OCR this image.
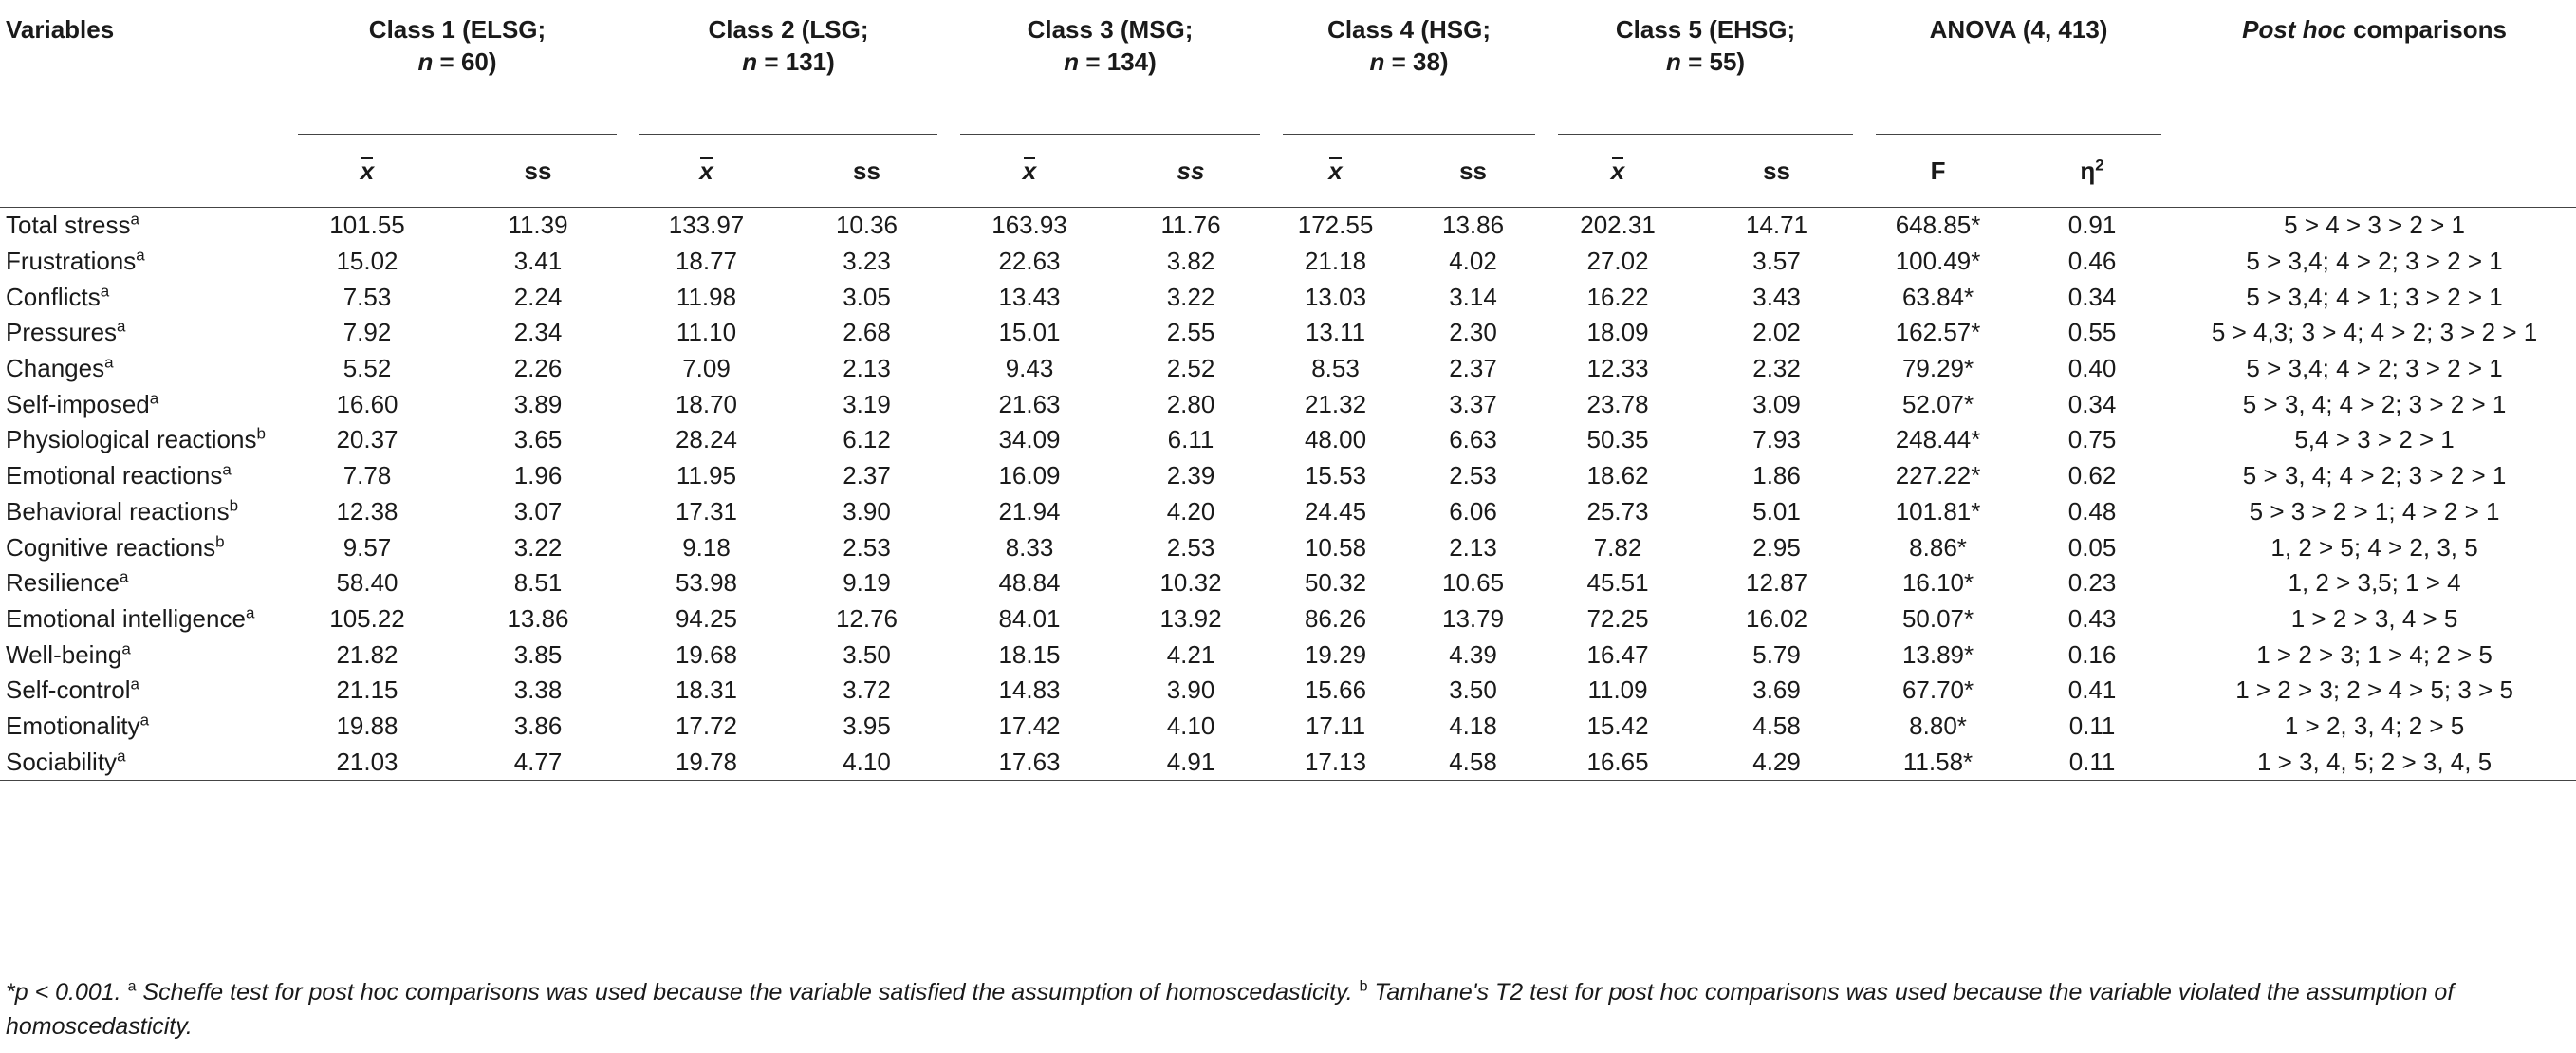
Variables	Class 1 (ELSG;
n = 60)		Class 2 (LSG;
n = 131)		Class 3 (MSG;
n = 134)		Class 4 (HSG;
n = 38)		Class 5 (EHSG;
n = 55)		ANOVA (4, 413)		Post hoc comparisons
	x	ss	x	ss	x	ss	x	ss	x	ss	F	$\eta^2$	
Total stress$^a$	101.55	11.39	133.97	10.36	163.93	11.76	172.55	13.86	202.31	14.71	648.85*	0.91	5 > 4 > 3 > 2 > 1
Frustrations$^a$	15.02	3.41	18.77	3.23	22.63	3.82	21.18	4.02	27.02	3.57	100.49*	0.46	5 > 3,4; 4 > 2; 3 > 2 > 1
Conflicts$^a$	7.53	2.24	11.98	3.05	13.43	3.22	13.03	3.14	16.22	3.43	63.84*	0.34	5 > 3,4; 4 > 1; 3 > 2 > 1
Pressures$^a$	7.92	2.34	11.10	2.68	15.01	2.55	13.11	2.30	18.09	2.02	162.57*	0.55	5 > 4,3; 3 > 4; 4 > 2; 3 > 2 > 1
Changes$^a$	5.52	2.26	7.09	2.13	9.43	2.52	8.53	2.37	12.33	2.32	79.29*	0.40	5 > 3,4; 4 > 2; 3 > 2 > 1
Self-imposed$^a$	16.60	3.89	18.70	3.19	21.63	2.80	21.32	3.37	23.78	3.09	52.07*	0.34	5 > 3, 4; 4 > 2; 3 > 2 > 1
Physiological reactions$^b$	20.37	3.65	28.24	6.12	34.09	6.11	48.00	6.63	50.35	7.93	248.44*	0.75	5,4 > 3 > 2 > 1
Emotional reactions$^a$	7.78	1.96	11.95	2.37	16.09	2.39	15.53	2.53	18.62	1.86	227.22*	0.62	5 > 3, 4; 4 > 2; 3 > 2 > 1
Behavioral reactions$^b$	12.38	3.07	17.31	3.90	21.94	4.20	24.45	6.06	25.73	5.01	101.81*	0.48	5 > 3 > 2 > 1; 4 > 2 > 1
Cognitive reactions$^b$	9.57	3.22	9.18	2.53	8.33	2.53	10.58	2.13	7.82	2.95	8.86*	0.05	1, 2 > 5; 4 > 2, 3, 5
Resilience$^a$	58.40	8.51	53.98	9.19	48.84	10.32	50.32	10.65	45.51	12.87	16.10*	0.23	1, 2 > 3,5; 1 > 4
Emotional intelligence$^a$	105.22	13.86	94.25	12.76	84.01	13.92	86.26	13.79	72.25	16.02	50.07*	0.43	1 > 2 > 3, 4 > 5
Well-being$^a$	21.82	3.85	19.68	3.50	18.15	4.21	19.29	4.39	16.47	5.79	13.89*	0.16	1 > 2 > 3; 1 > 4; 2 > 5
Self-control$^a$	21.15	3.38	18.31	3.72	14.83	3.90	15.66	3.50	11.09	3.69	67.70*	0.41	1 > 2 > 3; 2 > 4 > 5; 3 > 5
Emotionality$^a$	19.88	3.86	17.72	3.95	17.42	4.10	17.11	4.18	15.42	4.58	8.80*	0.11	1 > 2, 3, 4; 2 > 5
Sociability$^a$	21.03	4.77	19.78	4.10	17.63	4.91	17.13	4.58	16.65	4.29	11.58*	0.11	1 > 3, 4, 5; 2 > 3, 4, 5
*p < 0.001. $^a$ Scheffe test for post hoc comparisons was used because the variable satisfied the assumption of homoscedasticity. $^b$ Tamhane's T2 test for post hoc comparisons was used because the variable violated the assumption of homoscedasticity.
